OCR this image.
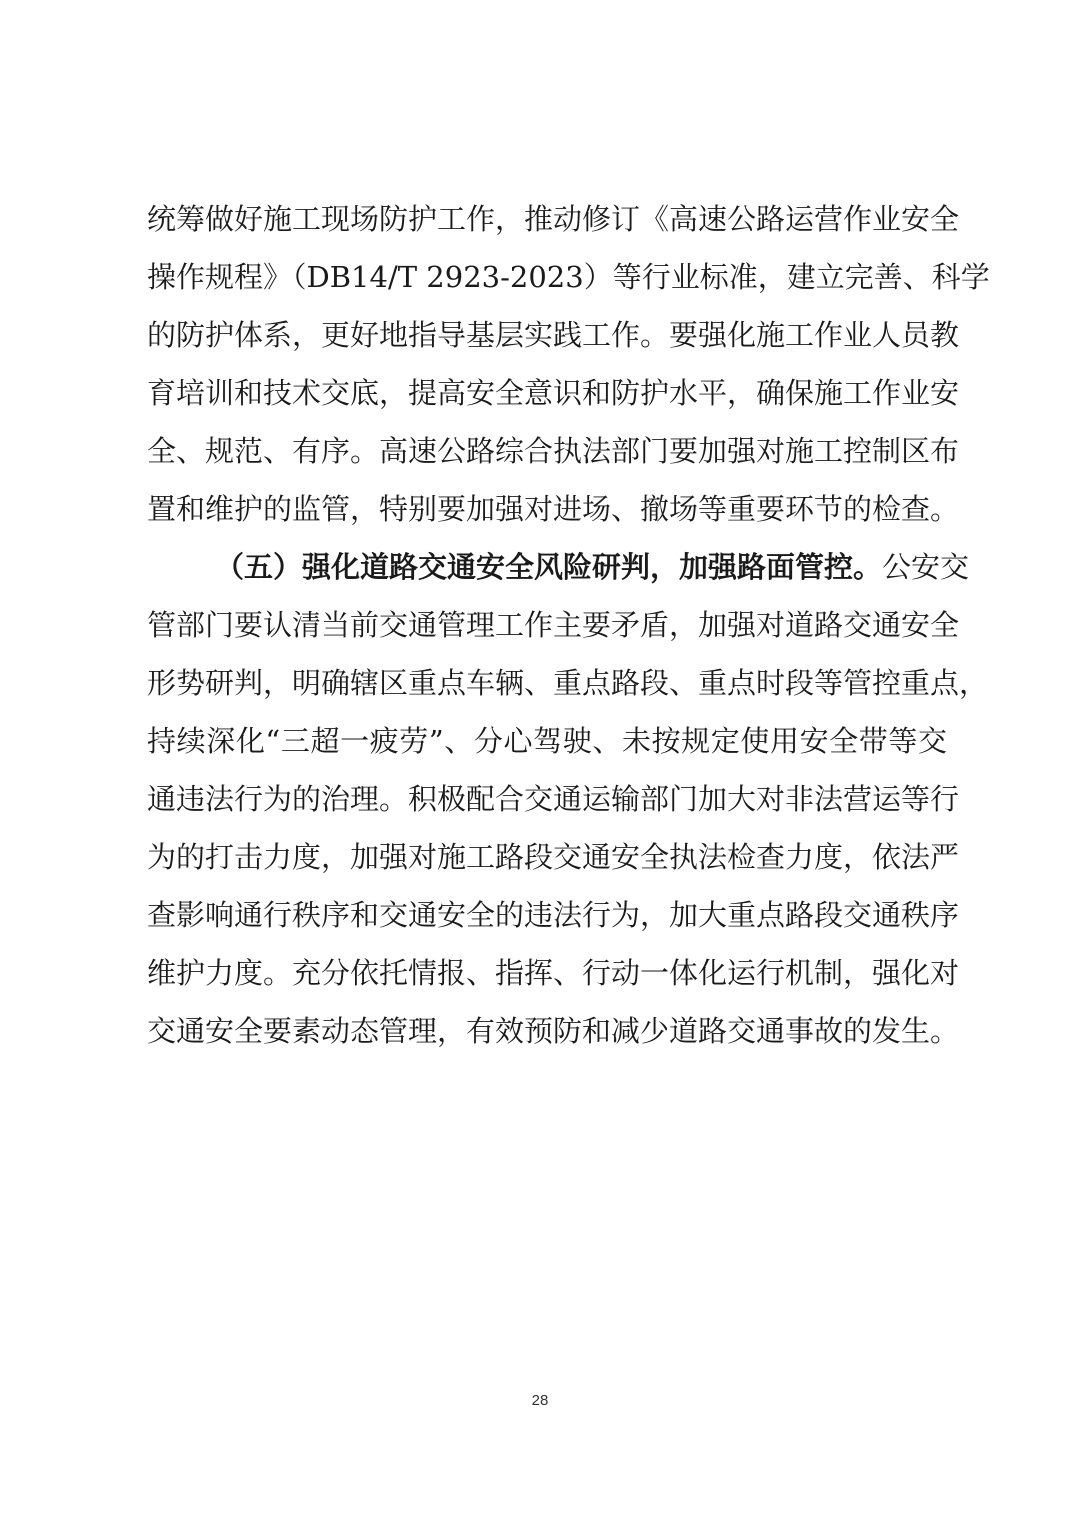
统筹做好施工现场防护工作，推动修订《高速公路运营作业安全
操作规程》（DB14/T 2923-2023）等行业标准，建立完善、科学
的防护体系，更好地指导基层实践工作。要强化施工作业人员教
育培训和技术交底，提高安全意识和防护水平，确保施工作业安
全、规范、有序。高速公路综合执法部门要加强对施工控制区布
置和维护的监管，特别要加强对进场、撤场等重要环节的检查。
（五）强化道路交通安全风险研判，加强路面管控。公安交
管部门要认清当前交通管理工作主要矛盾，加强对道路交通安全
形势研判，明确辖区重点车辆、重点路段、重点时段等管控重点，
持续深化“三超一疲劳”、分心驾驶、未按规定使用安全带等交
通违法行为的治理。积极配合交通运输部门加大对非法营运等行
为的打击力度，加强对施工路段交通安全执法检查力度，依法严
查影响通行秩序和交通安全的违法行为，加大重点路段交通秩序
维护力度。充分依托情报、指挥、行动一体化运行机制，强化对
交通安全要素动态管理，有效预防和减少道路交通事故的发生。
28
